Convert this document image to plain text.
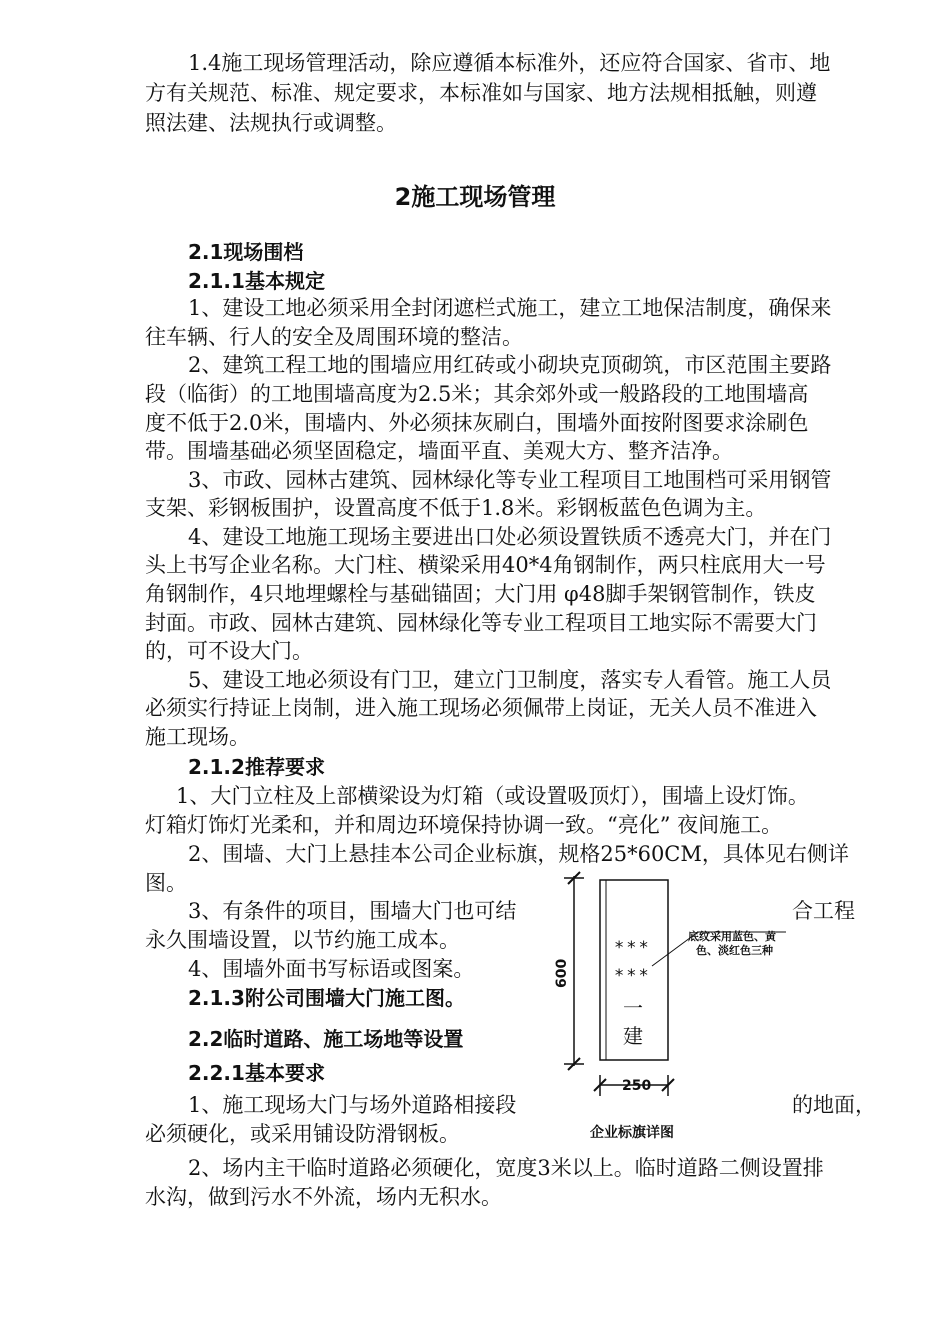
1.4施工现场管理活动，除应遵循本标准外，还应符合国家、省市、地
方有关规范、标准、规定要求，本标准如与国家、地方法规相抵触，则遵
照法建、法规执行或调整。
2施工现场管理
2.1现场围档
2.1.1基本规定
1、建设工地必须采用全封闭遮栏式施工，建立工地保洁制度，确保来
往车辆、行人的安全及周围环境的整洁。
2、建筑工程工地的围墙应用红砖或小砌块克顶砌筑，市区范围主要路
段（临街）的工地围墙高度为2.5米；其余郊外或一般路段的工地围墙高
度不低于2.0米，围墙内、外必须抹灰刷白，围墙外面按附图要求涂刷色
带。围墙基础必须坚固稳定，墙面平直、美观大方、整齐洁净。
3、市政、园林古建筑、园林绿化等专业工程项目工地围档可采用钢管
支架、彩钢板围护，设置高度不低于1.8米。彩钢板蓝色色调为主。
4、建设工地施工现场主要进出口处必须设置铁质不透亮大门，并在门
头上书写企业名称。大门柱、横梁采用40*4角钢制作，两只柱底用大一号
角钢制作，4只地埋螺栓与基础锚固；大门用 φ48脚手架钢管制作，铁皮
封面。市政、园林古建筑、园林绿化等专业工程项目工地实际不需要大门
的，可不设大门。
5、建设工地必须设有门卫，建立门卫制度，落实专人看管。施工人员
必须实行持证上岗制，进入施工现场必须佩带上岗证，无关人员不准进入
施工现场。
2.1.2推荐要求
1、大门立柱及上部横梁设为灯箱（或设置吸顶灯），围墙上设灯饰。
灯箱灯饰灯光柔和，并和周边环境保持协调一致。“亮化” 夜间施工。
2、围墙、大门上悬挂本公司企业标旗，规格25*60CM，具体见右侧详
图。
3、有条件的项目，围墙大门也可结	合工程
永久围墙设置，以节约施工成本。
4、围墙外面书写标语或图案。
2.1.3附公司围墙大门施工图。
2.2临时道路、施工场地等设置
2.2.1基本要求
1、施工现场大门与场外道路相接段	的地面，
必须硬化，或采用铺设防滑钢板。
2、场内主干临时道路必须硬化，宽度3米以上。临时道路二侧设置排
水沟，做到污水不外流，场内无积水。
600
250
***
***
一
建
底纹采用蓝色、黄
色、淡红色三种
企业标旗详图
